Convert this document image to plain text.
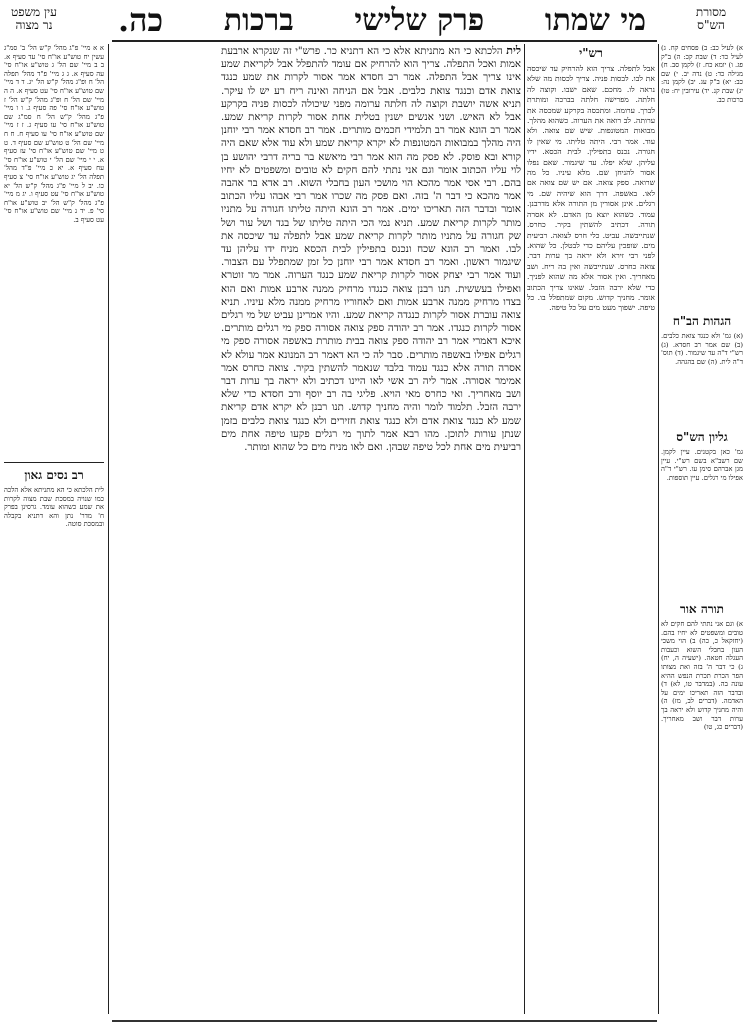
מסורת
הש"ס
עין משפט
נר מצוה	מי שמתו
פרק שלישי
ברכות
כה.
רש"י
אבל לתפלה. צריך הוא להרחיק עד שיכסה את לבו. לבסות פניה. צריך לכסות מה שלא נראה לו. מחכם. שאם ישבו. וקוצה לה חלתה. מפרישה חלתה בברכה ומותרת לברך. ערומה. ומתכסה בקרקע שמכסה את ערותה. לב רואה את הערוה. כשהוא מהלך. מבואות המטונפות. שיש שם צואה. ולא עוד. אמר רבי. היתה טליתו. מי שאין לו חגורה. נכנס בתפילין. לבית הכסא. ידיו עליהן. שלא יפלו. עד שיגמור. שאם נפלו אסור להניחן שם. מלא עיניו. כל מה שרואה. ספק צואה. אם יש שם צואה אם לאו. באשפה. דרך הוא שיהיה שם. מי רגלים. אינן אסורין מן התורה אלא מדרבנן. עמוד. כשהוא יוצא מן האדם. לא אסרה תורה. דכתיב להשתין בקיר. כחרס. שנתייבשה. עביט. כלי חרס לצואה. רביעית מים. שופכין עליהם כדי לבטלן. כל שהוא. לפני רבי זירא ולא יראה בך ערות דבר. צואה כחרס. שנתייבשה ואין בה ריח. ושב מאחריך. ואין אסור אלא מה שהוא לפניך. כדי שלא ירבה הזבל. שאינו צריך הכתוב אומר. מחניך קדוש. מקום שמתפלל בו. כל טיפה. ישפוך מעט מים על כל טיפה.
לית הלכתא כי הא מתניתא אלא כי הא דתניא כר. פרש"י זה שנקרא ארבעת אמות ואכל התפלה. צריך הוא להרחיק אם עומד להתפלל אבל לקריאת שמע אינו צריך אבל התפלה. אמר רב חסדא אמר אסור לקרות את שמע כנגד צואת אדם וכנגד צואת כלבים. אבל אם הניחה ואינה ריח רע יש לו עיקר. תניא אשה יושבת וקוצה לה חלתה ערומה מפני שיכולה לכסות פניה בקרקע אבל לא האיש. ושני אנשים ישנין בטלית אחת אסור לקרות קריאת שמע. אמר רב הונא אמר רב תלמידי חכמים מותרים. אמר רב חסדא אמר רבי יוחנן היה מהלך במבואות המטונפות לא יקרא קריאת שמע ולא עוד אלא שאם היה קורא ובא פוסק. לא פסק מה הוא אמר רבי מיאשא בר בריה דרבי יהושע בן לוי עליו הכתוב אומר וגם אני נתתי להם חקים לא טובים ומשפטים לא יחיו בהם. רבי אסי אמר מהכא הוי מושכי העון בחבלי השוא. רב אדא בר אהבה אמר מהכא כי דבר ה' בזה. ואם פסק מה שכרו אמר רבי אבהו עליו הכתוב אומר ובדבר הזה תאריכו ימים. אמר רב הונא היתה טליתו חגורה על מתניו מותר לקרות קריאת שמע. תניא נמי הכי היתה טליתו של בגד ושל עור ושל שק חגורה על מתניו מותר לקרות קריאת שמע אבל לתפלה עד שיכסה את לבו. ואמר רב הונא שכח ונכנס בתפילין לבית הכסא מניח ידו עליהן עד שיגמור ראשון. ואמר רב חסדא אמר רבי יוחנן כל זמן שמתפלל עם הצבור. ועוד אמר רבי יצחק אסור לקרות קריאת שמע כנגד הערוה. אמר מר זוטרא ואפילו בעששית. תנו רבנן צואה כנגדו מרחיק ממנה ארבע אמות ואם הוא בצדו מרחיק ממנה ארבע אמות ואם לאחוריו מרחיק ממנה מלא עיניו. תניא צואה עוברת אסור לקרות כנגדה קריאת שמע. והיו אמרינן עביט של מי רגלים אסור לקרות כנגדו. אמר רב יהודה ספק צואה אסורה ספק מי רגלים מותרים. איכא דאמרי אמר רב יהודה ספק צואה בבית מותרת באשפה אסורה ספק מי רגלים אפילו באשפה מותרים. סבר לה כי הא דאמר רב המנונא אמר עולא לא אסרה תורה אלא כנגד עמוד בלבד שנאמר להשתין בקיר. צואה כחרס אמר אמימר אסורה. אמר ליה רב אשי לאו היינו דכתיב ולא יראה בך ערות דבר ושב מאחריך. ואי כחרס מאי הויא. פליגי בה רב יוסף ורב חסדא כדי שלא ירבה הזבל. תלמוד לומר והיה מחניך קדוש. תנו רבנן לא יקרא אדם קריאת שמע לא כנגד צואת אדם ולא כנגד צואת חזירים ולא כנגד צואת כלבים בזמן שנתן עורות לתוכן. מהו רבא אמר לתוך מי רגלים פקעו טיפה אחת מים רביעית מים אחת לכל טיפה שבהן. ואם לאו מניח מים כל שהוא ומותר.
א א מיי' פ"ג מהל' ק"ש הל' ב' סמ"ג עשין יח טוש"ע או"ח סי' עד סעיף א. ב ב מיי' שם הל' ג טוש"ע או"ח סי' עה סעיף א. ג ג מיי' פ"ד מהל' תפלה הל' ח ופ"ג מהל' ק"ש הל' יג. ד ד מיי' שם טוש"ע או"ח סי' עט סעיף א. ה ה מיי' שם הל' ח ופ"ג מהל' ק"ש הל' ז טוש"ע או"ח סי' פה סעיף ג. ו ו מיי' פ"ג מהל' ק"ש הל' ח סמ"ג שם טוש"ע או"ח סי' עו סעיף ג. ז ז מיי' שם טוש"ע או"ח סי' עו סעיף ח. ח ח מיי' שם הל' ט טוש"ע שם סעיף ד. ט ט מיי' שם טוש"ע או"ח סי' עז סעיף א. י י מיי' שם הל' י טוש"ע או"ח סי' עח סעיף א. יא כ מיי' פ"ד מהל' תפלה הל' יג טוש"ע או"ח סי' צ סעיף כו. יב ל מיי' פ"ג מהל' ק"ש הל' יא טוש"ע או"ח סי' עט סעיף ו. יג מ מיי' פ"ג מהל' ק"ש הל' יב טוש"ע או"ח סי' פ. יד נ מיי' שם טוש"ע או"ח סי' עט סעיף ב.
רב נסים גאון
לית הלכתא כי הא מתניתא אלא הלכה כמו שנויה במסכת שבת מצוה לקרות את שמע כשהוא עומד. גרסינן בפרק ח' מדר' נתן והא דתניא בקבלה ובמסכת סוטה.
א) לעיל כב: ב) פסחים קח. ג) לעיל כד: ד) שבת קכ: ה) ב"ק פג. ו) יומא כח. ז) לקמן סב. ח) מגילה כד: ט) נדה יב. י) שם כב: יא) ב"ק עג. יב) לקמן נה: יג) שבת קנ. יד) עירובין יח: טו) ברכות כב.
הגהות הב"ח
(א) גמ' ולא כנגד צואת כלבים. (ב) שם אמר רב חסדא. (ג) רש"י ד"ה עד שיגמור. (ד) תוס' ד"ה לית. (ה) שם בהגהה.
גליון הש"ס
גמ' כאן בקטנים. עיין לקמן. שם רשב"א בשם רש"י. עיין מגן אברהם סימן עו. רש"י ד"ה אפילו מי רגלים. עיין תוספות.
תורה אור
א) וגם אני נתתי להם חקים לא טובים ומשפטים לא יחיו בהם. (יחזקאל כ, כה) ב) הוי משכי העון בחבלי השוא וכעבות העגלה חטאה. (ישעיה ה, יח) ג) כי דבר ה' בזה ואת מצותו הפר הכרת תכרת הנפש ההיא עונה בה. (במדבר טו, לא) ד) ובדבר הזה תאריכו ימים על האדמה. (דברים לב, מז) ה) והיה מחניך קדוש ולא יראה בך ערות דבר ושב מאחריך. (דברים כג, טו)
